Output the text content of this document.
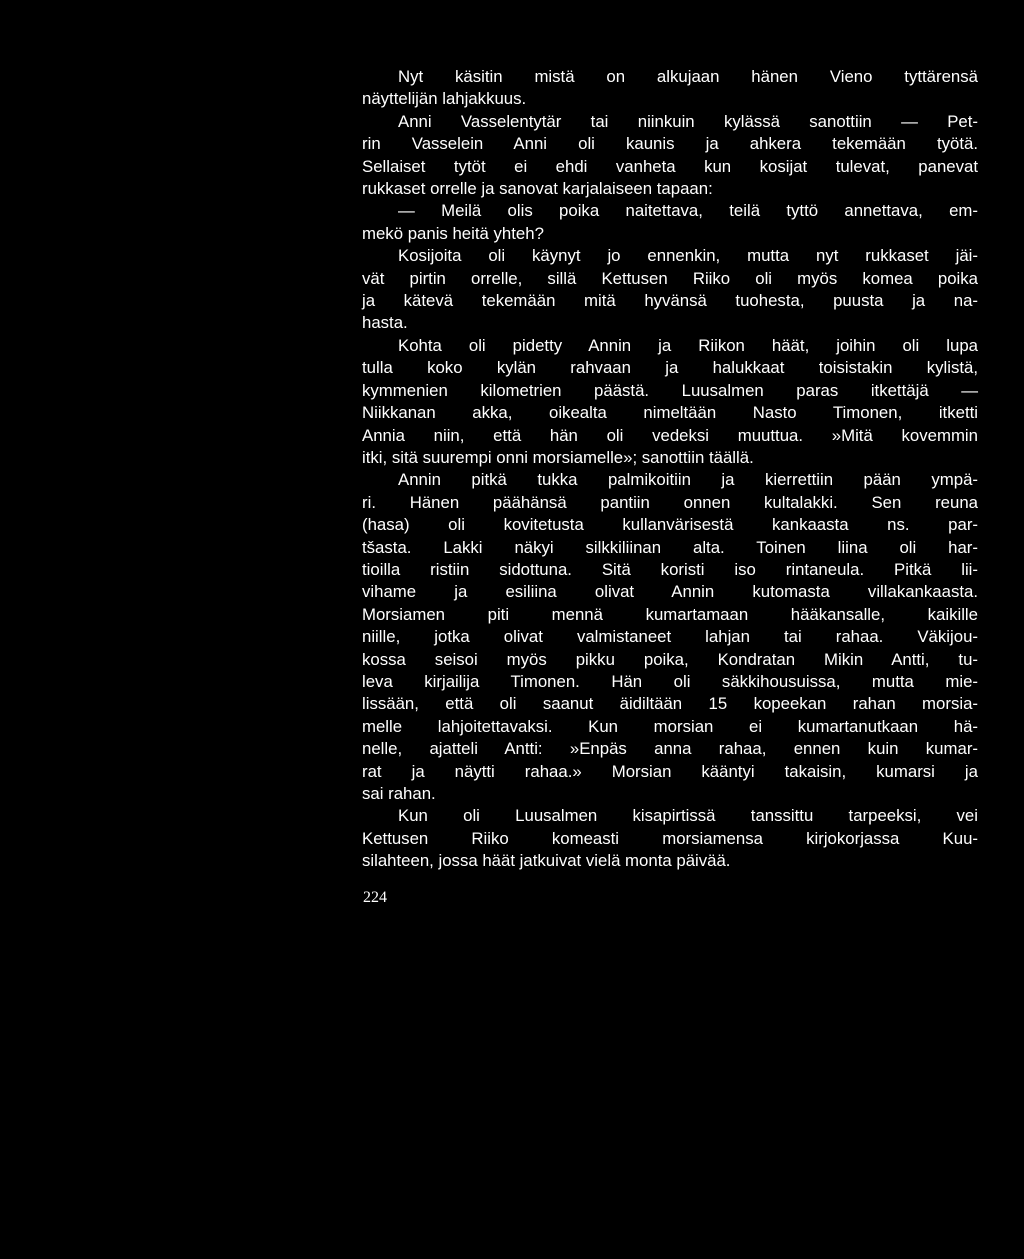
Nyt käsitin mistä on alkujaan hänen Vieno tyttärensä
näyttelijän lahjakkuus.
Anni Vasselentytär tai niinkuin kylässä sanottiin — Pet-
rin Vasselein Anni oli kaunis ja ahkera tekemään työtä.
Sellaiset tytöt ei ehdi vanheta kun kosijat tulevat, panevat
rukkaset orrelle ja sanovat karjalaiseen tapaan:
— Meilä olis poika naitettava, teilä tyttö annettava, em-
mekö panis heitä yhteh?
Kosijoita oli käynyt jo ennenkin, mutta nyt rukkaset jäi-
vät pirtin orrelle, sillä Kettusen Riiko oli myös komea poika
ja kätevä tekemään mitä hyvänsä tuohesta, puusta ja na-
hasta.
Kohta oli pidetty Annin ja Riikon häät, joihin oli lupa
tulla koko kylän rahvaan ja halukkaat toisistakin kylistä,
kymmenien kilometrien päästä. Luusalmen paras itkettäjä —
Niikkanan akka, oikealta nimeltään Nasto Timonen, itketti
Annia niin, että hän oli vedeksi muuttua. »Mitä kovemmin
itki, sitä suurempi onni morsiamelle»; sanottiin täällä.
Annin pitkä tukka palmikoitiin ja kierrettiin pään ympä-
ri. Hänen päähänsä pantiin onnen kultalakki. Sen reuna
(hasa) oli kovitetusta kullanvärisestä kankaasta ns. par-
tšasta. Lakki näkyi silkkiliinan alta. Toinen liina oli har-
tioilla ristiin sidottuna. Sitä koristi iso rintaneula. Pitkä lii-
vihame ja esiliina olivat Annin kutomasta villakankaasta.
Morsiamen piti mennä kumartamaan hääkansalle, kaikille
niille, jotka olivat valmistaneet lahjan tai rahaa. Väkijou-
kossa seisoi myös pikku poika, Kondratan Mikin Antti, tu-
leva kirjailija Timonen. Hän oli säkkihousuissa, mutta mie-
lissään, että oli saanut äidiltään 15 kopeekan rahan morsia-
melle lahjoitettavaksi. Kun morsian ei kumartanutkaan hä-
nelle, ajatteli Antti: »Enpäs anna rahaa, ennen kuin kumar-
rat ja näytti rahaa.» Morsian kääntyi takaisin, kumarsi ja
sai rahan.
Kun oli Luusalmen kisapirtissä tanssittu tarpeeksi, vei
Kettusen Riiko komeasti morsiamensa kirjokorjassa Kuu-
silahteen, jossa häät jatkuivat vielä monta päivää.
224
